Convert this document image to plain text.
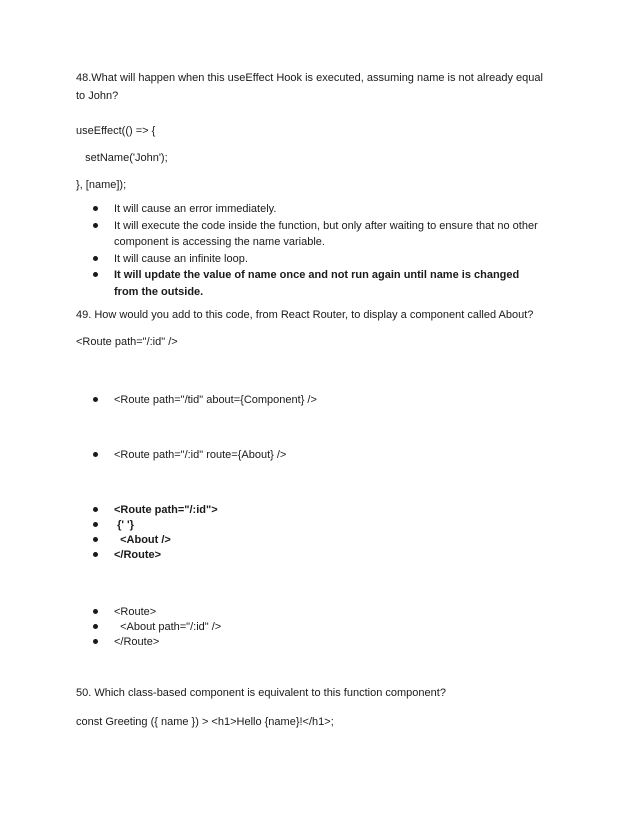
48.What will happen when this useEffect Hook is executed, assuming name is not already equal
to John?
useEffect(() => {
setName('John');
}, [name]);
It will cause an error immediately.
It will execute the code inside the function, but only after waiting to ensure that no other
component is accessing the name variable.
It will cause an infinite loop.
It will update the value of name once and not run again until name is changed
from the outside.
49. How would you add to this code, from React Router, to display a component called About?
<Route path="/:id" />
<Route path="/tid" about={Component} />
<Route path="/:id" route={About} />
<Route path="/:id">
{' '}
<About />
</Route>
<Route>
<About path="/:id" />
</Route>
50. Which class-based component is equivalent to this function component?
const Greeting ({ name }) > <h1>Hello {name}!</h1>;
